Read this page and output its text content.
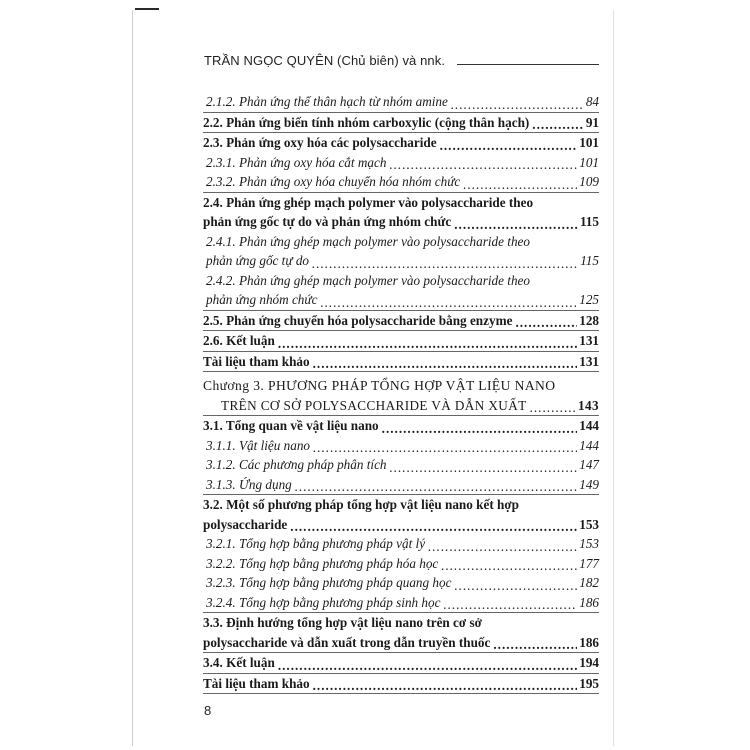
TRẦN NGỌC QUYÊN (Chủ biên) và nnk.
2.1.2. Phản ứng thế thân hạch từ nhóm amine .....	84
2.2. Phản ứng biến tính nhóm carboxylic (cộng thân hạch) .....	91
2.3. Phản ứng oxy hóa các polysaccharide .....	101
2.3.1. Phản ứng oxy hóa cắt mạch .....	101
2.3.2. Phản ứng oxy hóa chuyển hóa nhóm chức .....	109
2.4. Phản ứng ghép mạch polymer vào polysaccharide theo
phản ứng gốc tự do và phản ứng nhóm chức .....	115
2.4.1. Phản ứng ghép mạch polymer vào polysaccharide theo
phản ứng gốc tự do .....	115
2.4.2. Phản ứng ghép mạch polymer vào polysaccharide theo
phản ứng nhóm chức .....	125
2.5. Phản ứng chuyển hóa polysaccharide bằng enzyme .....	128
2.6. Kết luận .....	131
Tài liệu tham khảo .....	131
Chương 3. PHƯƠNG PHÁP TỔNG HỢP VẬT LIỆU NANO
TRÊN CƠ SỞ POLYSACCHARIDE VÀ DẪN XUẤT .....	143
3.1. Tổng quan về vật liệu nano .....	144
3.1.1. Vật liệu nano .....	144
3.1.2. Các phương pháp phân tích .....	147
3.1.3. Ứng dụng .....	149
3.2. Một số phương pháp tổng hợp vật liệu nano kết hợp
polysaccharide .....	153
3.2.1. Tổng hợp bằng phương pháp vật lý .....	153
3.2.2. Tổng hợp bằng phương pháp hóa học .....	177
3.2.3. Tổng hợp bằng phương pháp quang học .....	182
3.2.4. Tổng hợp bằng phương pháp sinh học .....	186
3.3. Định hướng tổng hợp vật liệu nano trên cơ sở
polysaccharide và dẫn xuất trong dẫn truyền thuốc .....	186
3.4. Kết luận .....	194
Tài liệu tham khảo .....	195
8
